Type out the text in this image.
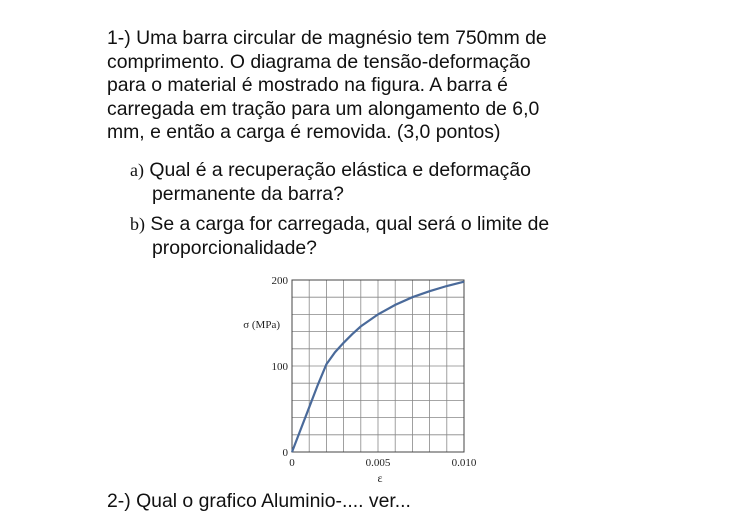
1-) Uma barra circular de magnésio tem 750mm de
comprimento. O diagrama de tensão-deformação
para o material é mostrado na figura. A barra é
carregada em tração para um alongamento de 6,0
mm, e então a carga é removida. (3,0 pontos)
a) Qual é a recuperação elástica e deformação
permanente da barra?
b) Se a carga for carregada, qual será o limite de
proporcionalidade?
0
100
200
0	0.005	0.010
σ (MPa)
ε
2-) Qual o grafico Aluminio-.... ver...
